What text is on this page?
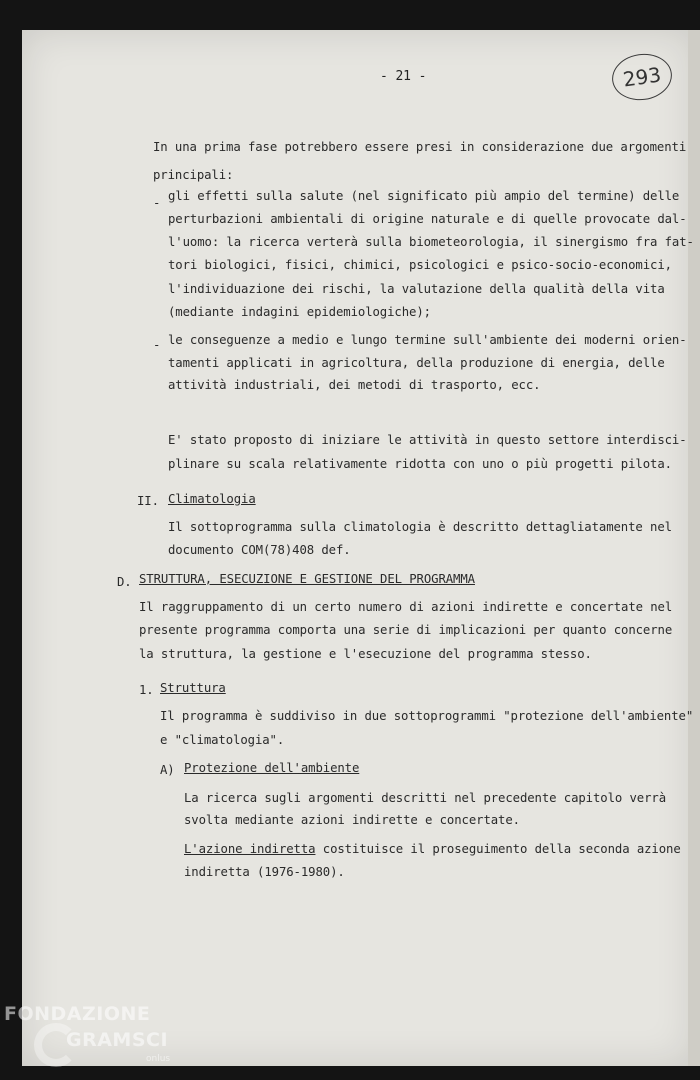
- 21 -	293
In una prima fase potrebbero essere presi in considerazione due argomenti
principali:
- gli effetti sulla salute (nel significato più ampio del termine) delle
perturbazioni ambientali di origine naturale e di quelle provocate dal-
l'uomo: la ricerca verterà sulla biometeorologia, il sinergismo fra fat-
tori biologici, fisici, chimici, psicologici e psico-socio-economici,
l'individuazione dei rischi, la valutazione della qualità della vita
(mediante indagini epidemiologiche);
- le conseguenze a medio e lungo termine sull'ambiente dei moderni orien-
tamenti applicati in agricoltura, della produzione di energia, delle
attività industriali, dei metodi di trasporto, ecc.
E' stato proposto di iniziare le attività in questo settore interdisci-
plinare su scala relativamente ridotta con uno o più progetti pilota.
II. Climatologia
Il sottoprogramma sulla climatologia è descritto dettagliatamente nel
documento COM(78)408 def.
D. STRUTTURA, ESECUZIONE E GESTIONE DEL PROGRAMMA
Il raggruppamento di un certo numero di azioni indirette e concertate nel
presente programma comporta una serie di implicazioni per quanto concerne
la struttura, la gestione e l'esecuzione del programma stesso.
1. Struttura
Il programma è suddiviso in due sottoprogrammi "protezione dell'ambiente"
e "climatologia".
A) Protezione dell'ambiente
La ricerca sugli argomenti descritti nel precedente capitolo verrà
svolta mediante azioni indirette e concertate.
L'azione indiretta costituisce il proseguimento della seconda azione
indiretta (1976-1980).
FONDAZIONE
GRAMSCI
onlus
